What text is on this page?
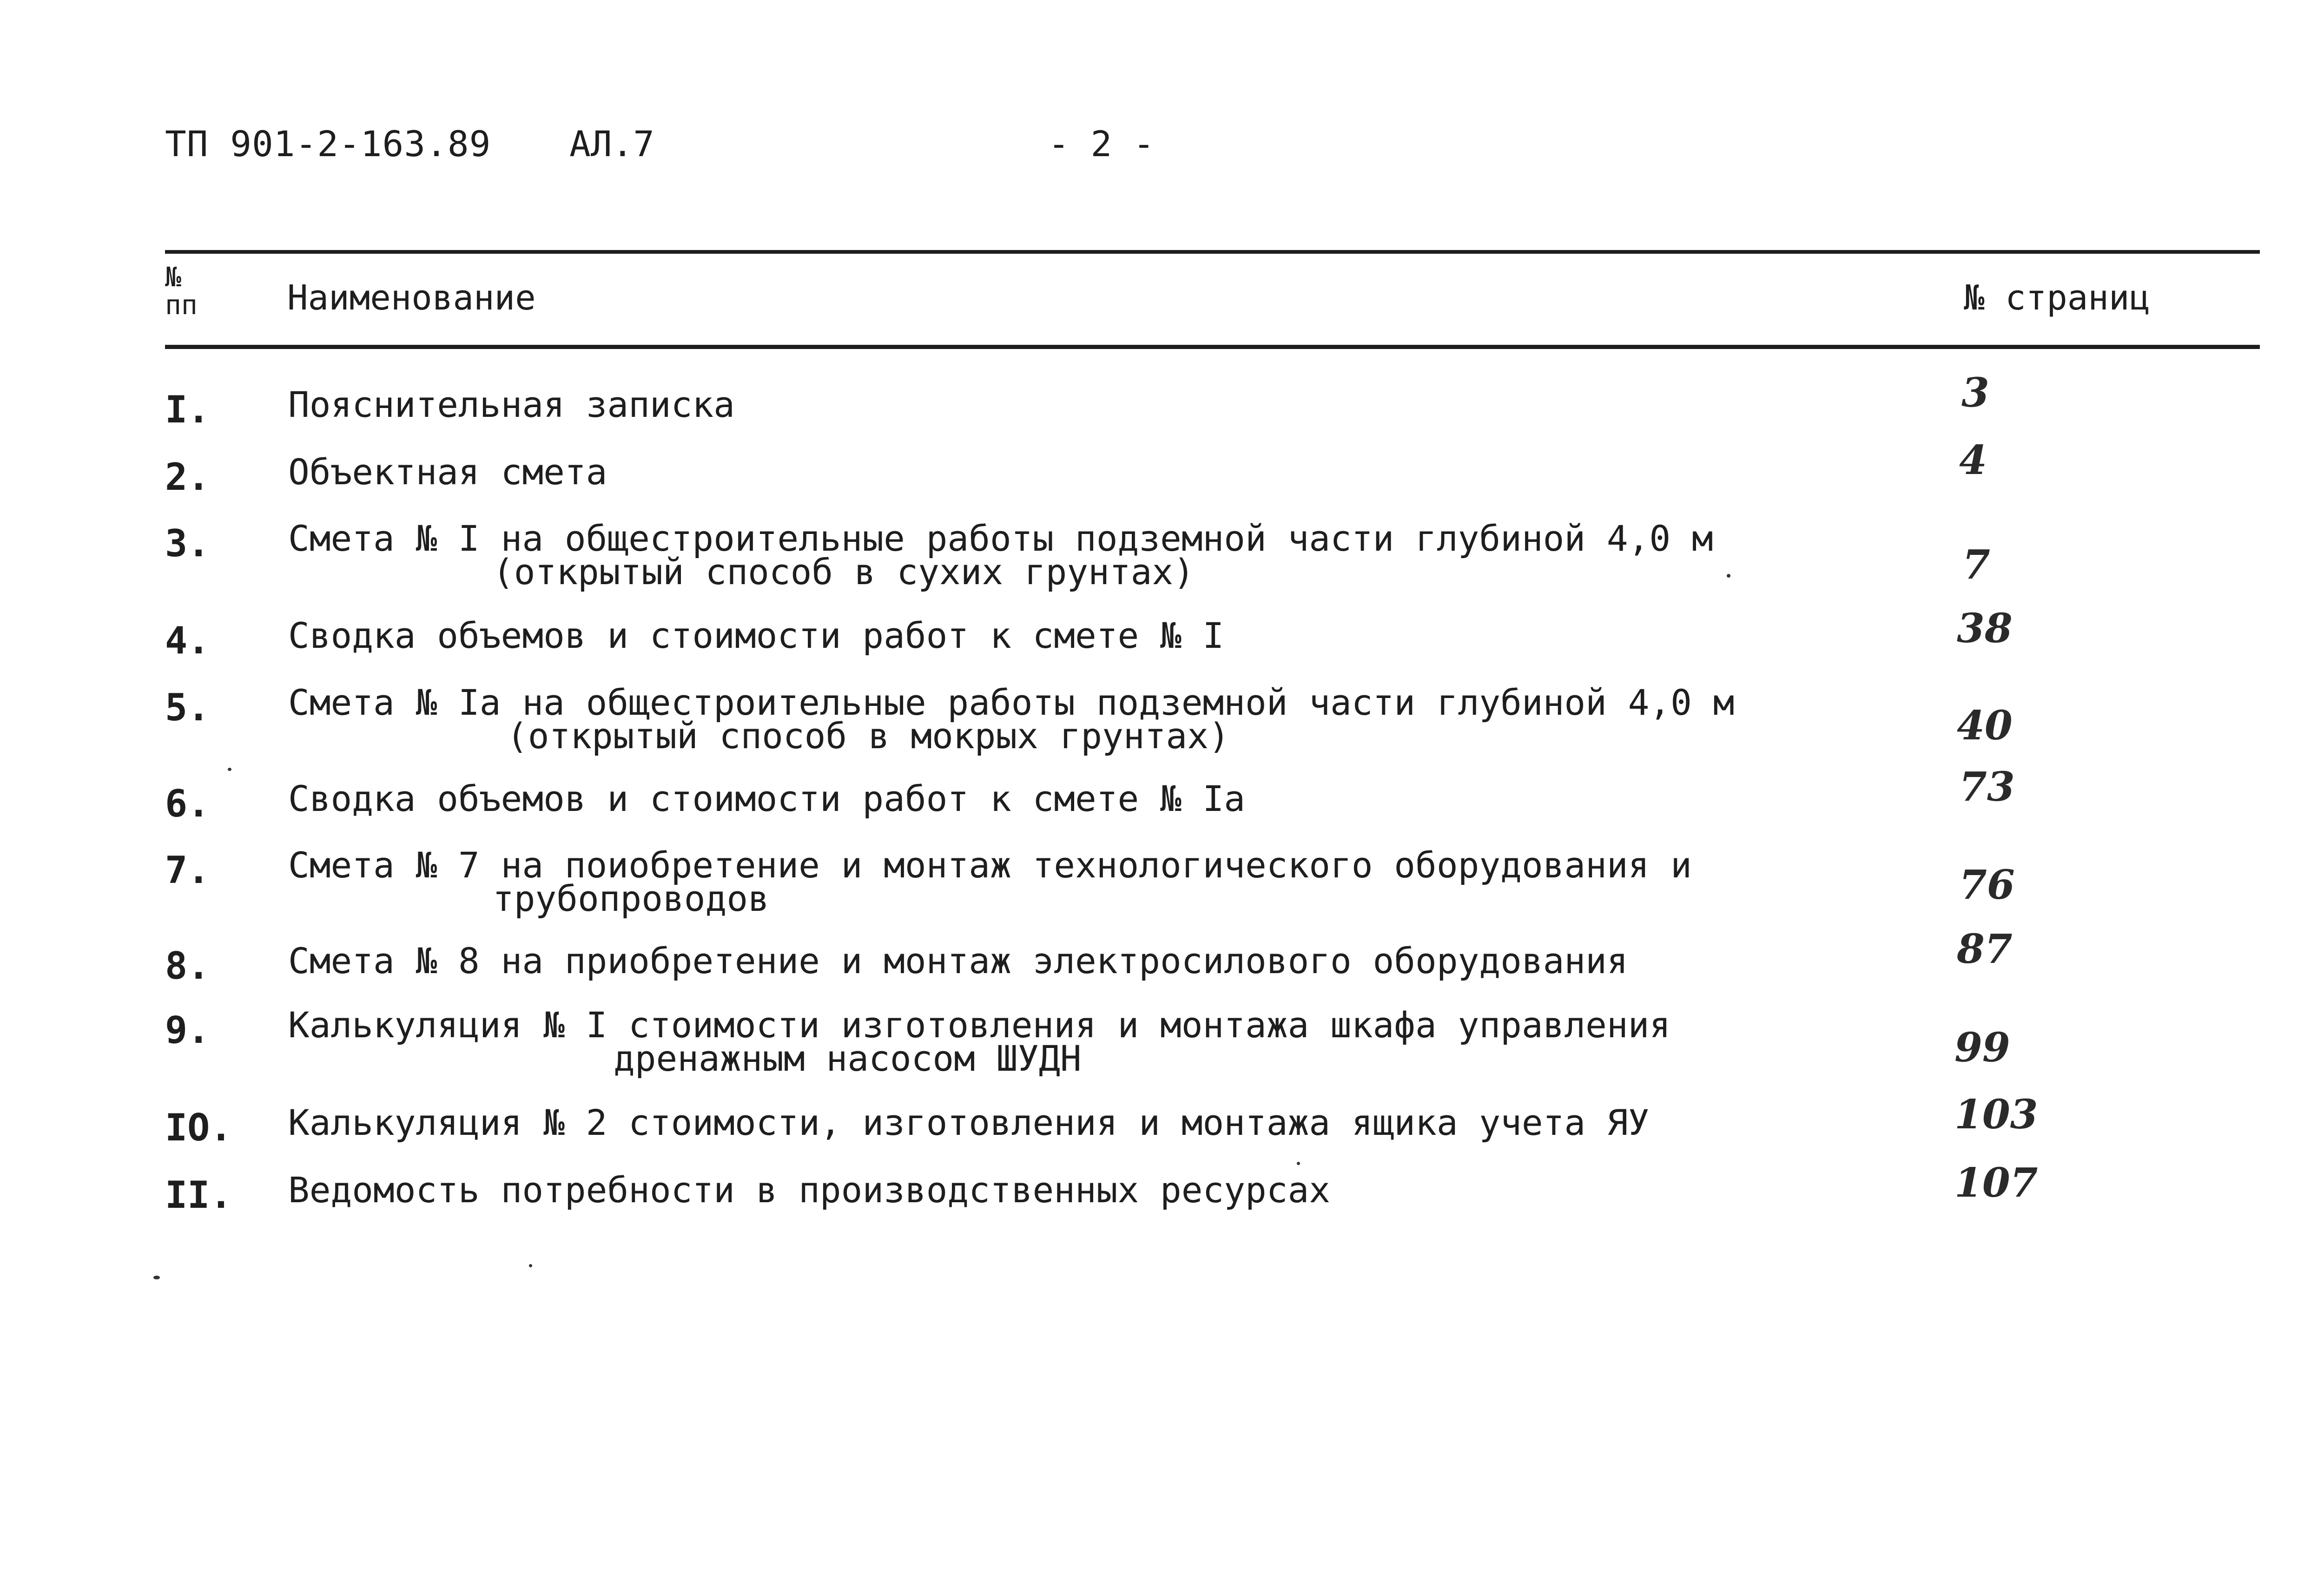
ТП 901-2-163.89 АЛ.7	- 2 -
№ пп	Наименование	№ страниц
I. Пояснительная записка	3
2. Объектная смета	4
3. Смета № I на общестроительные работы подземной части глубиной 4,0 м
(открытый способ в сухих грунтах)	7
4. Сводка объемов и стоимости работ к смете № I	38
5. Смета № Iа на общестроительные работы подземной части глубиной 4,0 м
(открытый способ в мокрых грунтах)	40
6. Сводка объемов и стоимости работ к смете № Iа	73
7. Смета № 7 на поиобретение и монтаж технологического оборудования и
трубопроводов	76
8. Смета № 8 на приобретение и монтаж электросилового оборудования	87
9. Калькуляция № I стоимости изготовления и монтажа шкафа управления
дренажным насосом ШУДН	99
IO. Калькуляция № 2 стоимости, изготовления и монтажа ящика учета ЯУ	103
II. Ведомость потребности в производственных ресурсах	107
